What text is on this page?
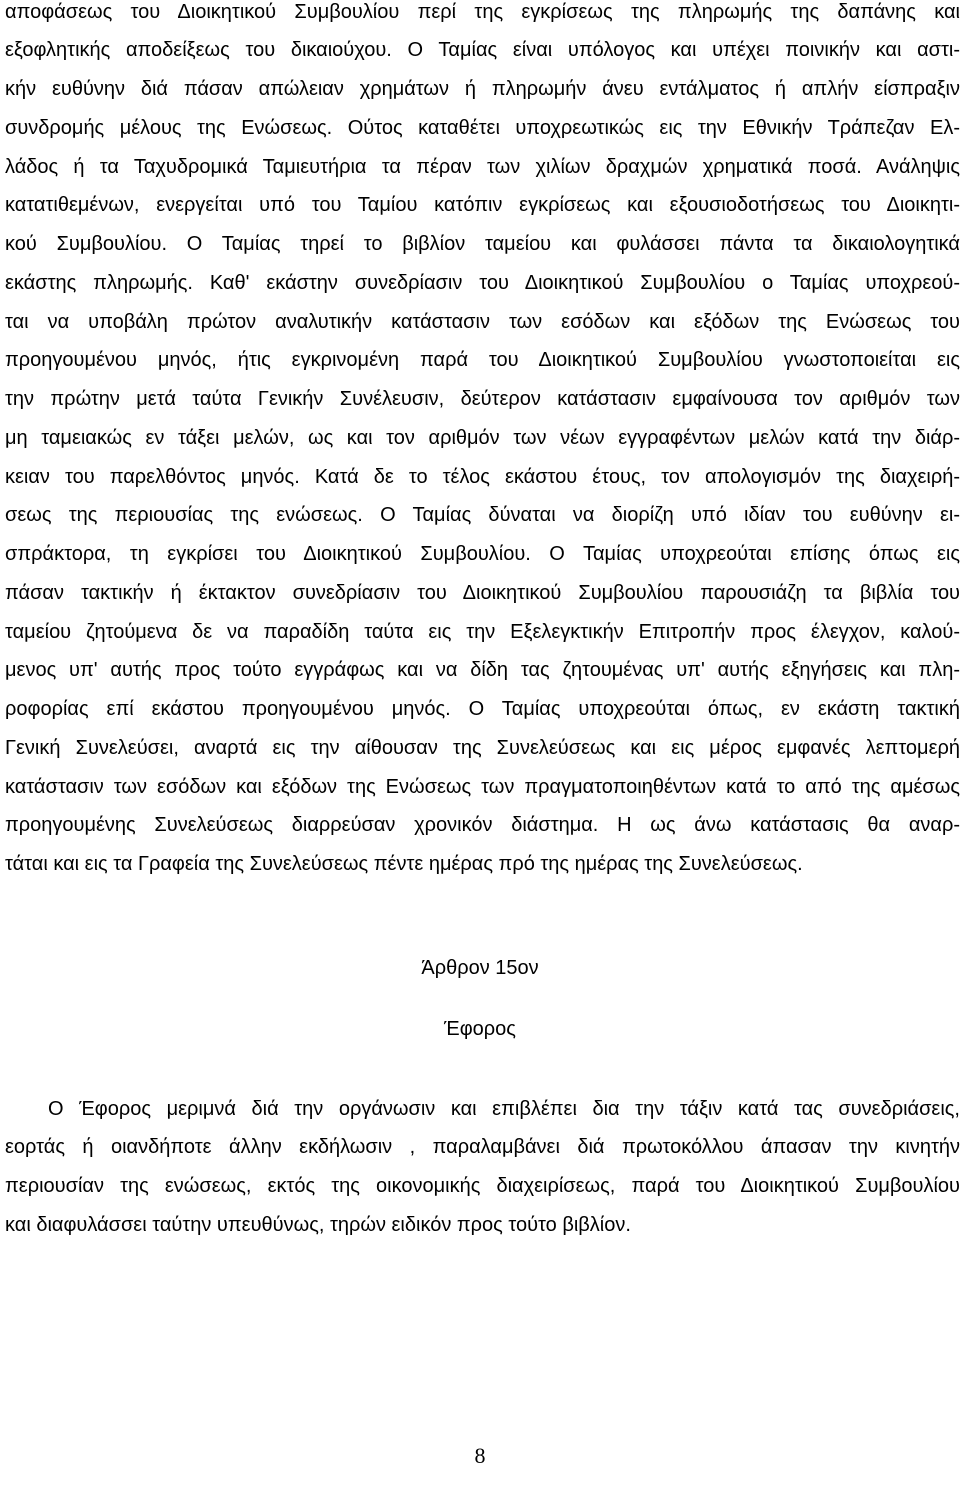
αποφάσεως του Διοικητικού Συμβουλίου περί της εγκρίσεως της πληρωμής της δαπάνης και
εξοφλητικής αποδείξεως του δικαιούχου. Ο Ταμίας είναι υπόλογος και υπέχει ποινικήν και αστι-
κήν ευθύνην διά πάσαν απώλειαν χρημάτων ή πληρωμήν άνευ εντάλματος ή απλήν είσπραξιν
συνδρομής μέλους της Ενώσεως. Ούτος καταθέτει υποχρεωτικώς εις την Εθνικήν Τράπεζαν Ελ-
λάδος ή τα Ταχυδρομικά Ταμιευτήρια τα πέραν των χιλίων δραχμών χρηματικά ποσά. Ανάληψις
κατατιθεμένων, ενεργείται υπό του Ταμίου κατόπιν εγκρίσεως και εξουσιοδοτήσεως του Διοικητι-
κού Συμβουλίου. Ο Ταμίας τηρεί το βιβλίον ταμείου και φυλάσσει πάντα τα δικαιολογητικά
εκάστης πληρωμής. Καθ' εκάστην συνεδρίασιν του Διοικητικού Συμβουλίου ο Ταμίας υποχρεού-
ται να υποβάλη πρώτον αναλυτικήν κατάστασιν των εσόδων και εξόδων της Ενώσεως του
προηγουμένου μηνός, ήτις εγκρινομένη παρά του Διοικητικού Συμβουλίου γνωστοποιείται εις
την πρώτην μετά ταύτα Γενικήν Συνέλευσιν, δεύτερον κατάστασιν εμφαίνουσα τον αριθμόν των
μη ταμειακώς εν τάξει μελών, ως και τον αριθμόν των νέων εγγραφέντων μελών κατά την διάρ-
κειαν του παρελθόντος μηνός. Κατά δε το τέλος εκάστου έτους, τον απολογισμόν της διαχειρή-
σεως της περιουσίας της ενώσεως. Ο Ταμίας δύναται να διορίζη υπό ιδίαν του ευθύνην ει-
σπράκτορα, τη εγκρίσει του Διοικητικού Συμβουλίου. Ο Ταμίας υποχρεούται επίσης όπως εις
πάσαν τακτικήν ή έκτακτον συνεδρίασιν του Διοικητικού Συμβουλίου παρουσιάζη τα βιβλία του
ταμείου ζητούμενα δε να παραδίδη ταύτα εις την Εξελεγκτικήν Επιτροπήν προς έλεγχον, καλού-
μενος υπ' αυτής προς τούτο εγγράφως και να δίδη τας ζητουμένας υπ' αυτής εξηγήσεις και πλη-
ροφορίας επί εκάστου προηγουμένου μηνός. Ο Ταμίας υποχρεούται όπως, εν εκάστη τακτική
Γενική Συνελεύσει, αναρτά εις την αίθουσαν της Συνελεύσεως και εις μέρος εμφανές λεπτομερή
κατάστασιν των εσόδων και εξόδων της Ενώσεως των πραγματοποιηθέντων κατά το από της αμέσως
προηγουμένης Συνελεύσεως διαρρεύσαν χρονικόν διάστημα. Η ως άνω κατάστασις θα αναρ-
τάται και εις τα Γραφεία της Συνελεύσεως πέντε ημέρας πρό της ημέρας της Συνελεύσεως.
Άρθρον 15ον
Έφορος
Ο Έφορος μεριμνά διά την οργάνωσιν και επιβλέπει δια την τάξιν κατά τας συνεδριάσεις,
εορτάς ή οιανδήποτε άλλην εκδήλωσιν , παραλαμβάνει διά πρωτοκόλλου άπασαν την κινητήν
περιουσίαν της ενώσεως, εκτός της οικονομικής διαχειρίσεως, παρά του Διοικητικού Συμβουλίου
και διαφυλάσσει ταύτην υπευθύνως, τηρών ειδικόν προς τούτο βιβλίον.
8
